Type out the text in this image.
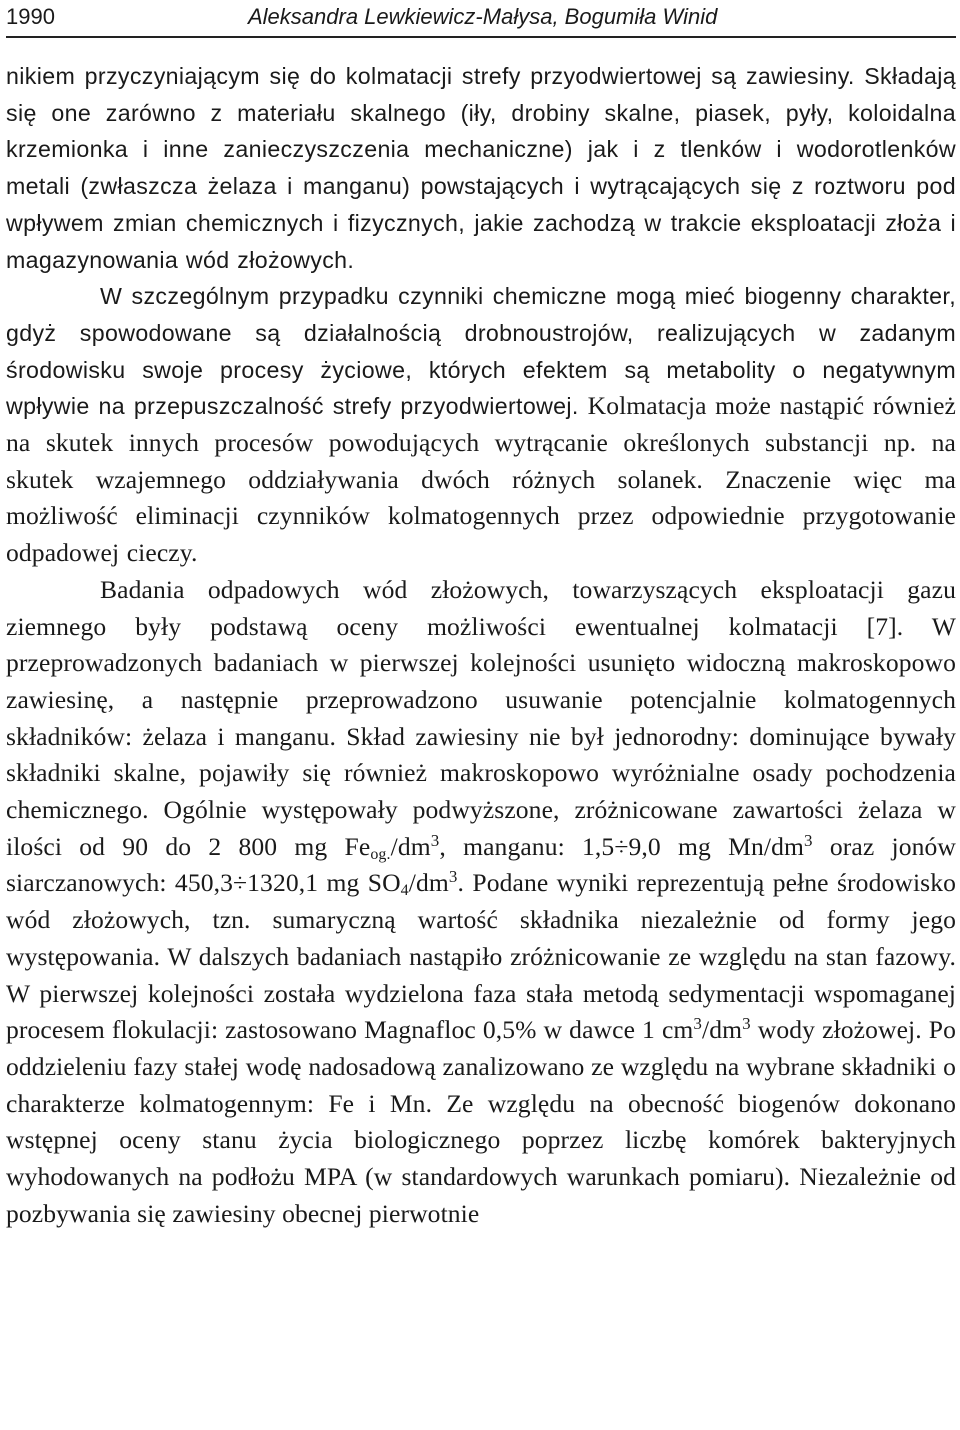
1990	Aleksandra Lewkiewicz-Małysa, Bogumiła Winid

nikiem przyczyniającym się do kolmatacji strefy przyodwiertowej są zawiesiny. Składają się one zarówno z materiału skalnego (iły, drobiny skalne, piasek, pyły, koloidalna krzemionka i inne zanieczyszczenia mechaniczne) jak i z tlenków i wodorotlenków metali (zwłaszcza żelaza i manganu) powstających i wytrącających się z roztworu pod wpływem zmian chemicznych i fizycznych, jakie zachodzą w trakcie eksploatacji złoża i magazynowania wód złożowych.

W szczególnym przypadku czynniki chemiczne mogą mieć biogenny charakter, gdyż spowodowane są działalnością drobnoustrojów, realizujących w zadanym środowisku swoje procesy życiowe, których efektem są metabolity o negatywnym wpływie na przepuszczalność strefy przyodwiertowej. Kolmatacja może nastąpić również na skutek innych procesów powodujących wytrącanie określonych substancji np. na skutek wzajemnego oddziaływania dwóch różnych solanek. Znaczenie więc ma możliwość eliminacji czynników kolmatogennych przez odpowiednie przygotowanie odpadowej cieczy.

Badania odpadowych wód złożowych, towarzyszących eksploatacji gazu ziemnego były podstawą oceny możliwości ewentualnej kolmatacji [7]. W przeprowadzonych badaniach w pierwszej kolejności usunięto widoczną makroskopowo zawiesinę, a następnie przeprowadzono usuwanie potencjalnie kolmatogennych składników: żelaza i manganu. Skład zawiesiny nie był jednorodny: dominujące bywały składniki skalne, pojawiły się również makroskopowo wyróżnialne osady pochodzenia chemicznego. Ogólnie występowały podwyższone, zróżnicowane zawartości żelaza w ilości od 90 do 2 800 mg $Fe_{og.}/dm^3$, manganu: 1,5÷9,0 mg $Mn/dm^3$ oraz jonów siarczanowych: 450,3÷1320,1 mg $SO_4/dm^3$. Podane wyniki reprezentują pełne środowisko wód złożowych, tzn. sumaryczną wartość składnika niezależnie od formy jego występowania. W dalszych badaniach nastąpiło zróżnicowanie ze względu na stan fazowy. W pierwszej kolejności została wydzielona faza stała metodą sedymentacji wspomaganej procesem flokulacji: zastosowano Magnafloc 0,5% w dawce 1 $cm^3/dm^3$ wody złożowej. Po oddzieleniu fazy stałej wodę nadosadową zanalizowano ze względu na wybrane składniki o charakterze kolmatogennym: Fe i Mn. Ze względu na obecność biogenów dokonano wstępnej oceny stanu życia biologicznego poprzez liczbę komórek bakteryjnych wyhodowanych na podłożu MPA (w standardowych warunkach pomiaru). Niezależnie od pozbywania się zawiesiny obecnej pierwotnie
